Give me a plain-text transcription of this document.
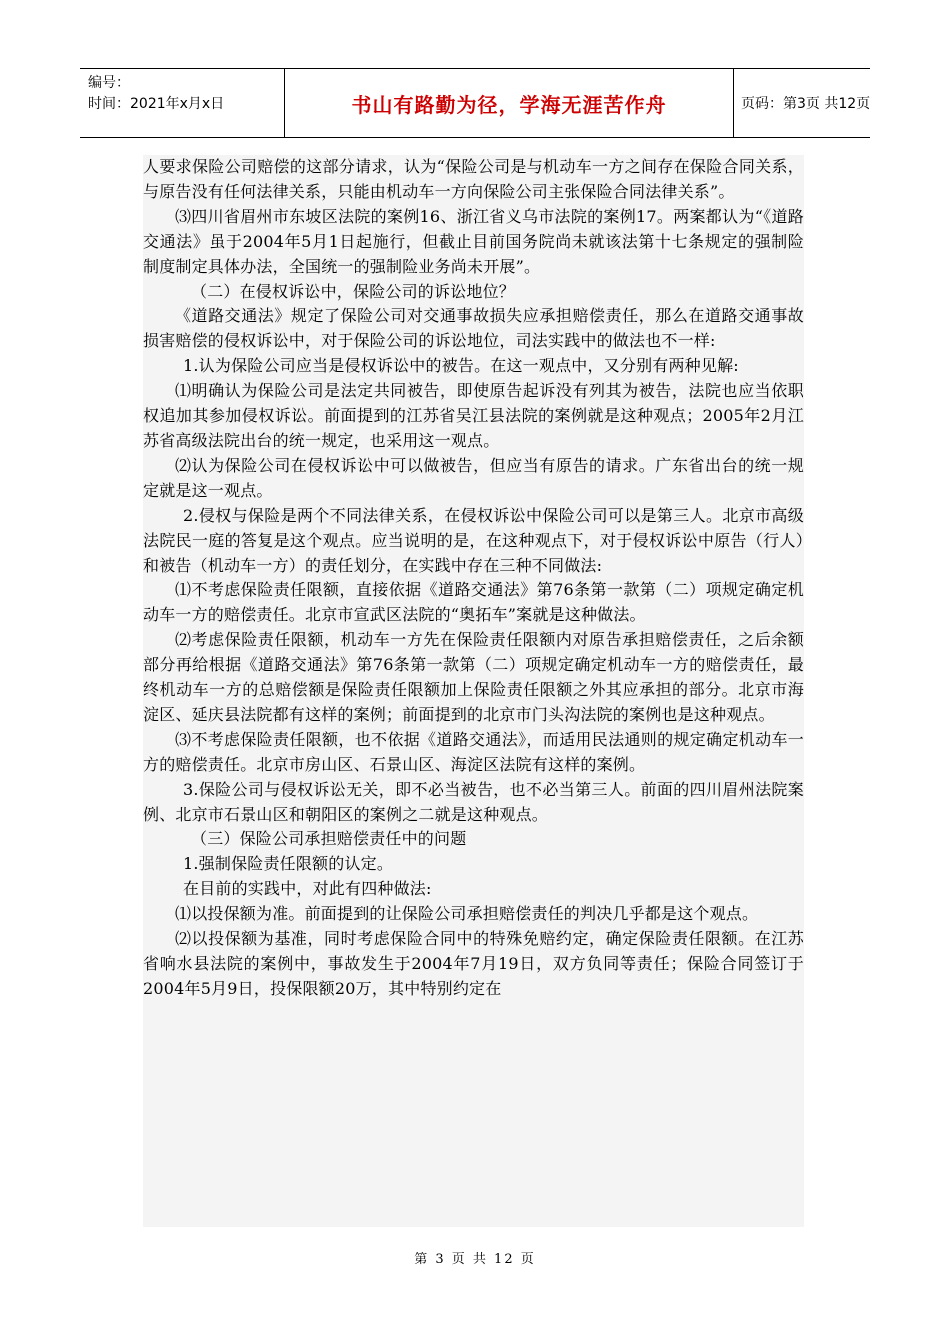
编号：
时间：2021年x月x日	书山有路勤为径，学海无涯苦作舟	页码：第3页 共12页

人要求保险公司赔偿的这部分请求，认为“保险公司是与机动车一方之间存在保险合同关系，与原告没有任何法律关系，只能由机动车一方向保险公司主张保险合同法律关系”。

⑶四川省眉州市东坡区法院的案例16、浙江省义乌市法院的案例17。两案都认为“《道路交通法》虽于2004年5月1日起施行，但截止目前国务院尚未就该法第十七条规定的强制险制度制定具体办法，全国统一的强制险业务尚未开展”。

（二）在侵权诉讼中，保险公司的诉讼地位？

《道路交通法》规定了保险公司对交通事故损失应承担赔偿责任，那么在道路交通事故损害赔偿的侵权诉讼中，对于保险公司的诉讼地位，司法实践中的做法也不一样:

1.认为保险公司应当是侵权诉讼中的被告。在这一观点中，又分别有两种见解:

⑴明确认为保险公司是法定共同被告，即使原告起诉没有列其为被告，法院也应当依职权追加其参加侵权诉讼。前面提到的江苏省吴江县法院的案例就是这种观点；2005年2月江苏省高级法院出台的统一规定，也采用这一观点。

⑵认为保险公司在侵权诉讼中可以做被告，但应当有原告的请求。广东省出台的统一规定就是这一观点。

2.侵权与保险是两个不同法律关系，在侵权诉讼中保险公司可以是第三人。北京市高级法院民一庭的答复是这个观点。应当说明的是，在这种观点下，对于侵权诉讼中原告（行人）和被告（机动车一方）的责任划分，在实践中存在三种不同做法:

⑴不考虑保险责任限额，直接依据《道路交通法》第76条第一款第（二）项规定确定机动车一方的赔偿责任。北京市宣武区法院的“奥拓车”案就是这种做法。

⑵考虑保险责任限额，机动车一方先在保险责任限额内对原告承担赔偿责任，之后余额部分再给根据《道路交通法》第76条第一款第（二）项规定确定机动车一方的赔偿责任，最终机动车一方的总赔偿额是保险责任限额加上保险责任限额之外其应承担的部分。北京市海淀区、延庆县法院都有这样的案例；前面提到的北京市门头沟法院的案例也是这种观点。

⑶不考虑保险责任限额，也不依据《道路交通法》，而适用民法通则的规定确定机动车一方的赔偿责任。北京市房山区、石景山区、海淀区法院有这样的案例。

3.保险公司与侵权诉讼无关，即不必当被告，也不必当第三人。前面的四川眉州法院案例、北京市石景山区和朝阳区的案例之二就是这种观点。

（三）保险公司承担赔偿责任中的问题

1.强制保险责任限额的认定。

在目前的实践中，对此有四种做法:

⑴以投保额为准。前面提到的让保险公司承担赔偿责任的判决几乎都是这个观点。

⑵以投保额为基准，同时考虑保险合同中的特殊免赔约定，确定保险责任限额。在江苏省响水县法院的案例中，事故发生于2004年7月19日，双方负同等责任；保险合同签订于2004年5月9日，投保限额20万，其中特别约定在

第 3 页 共 12 页
